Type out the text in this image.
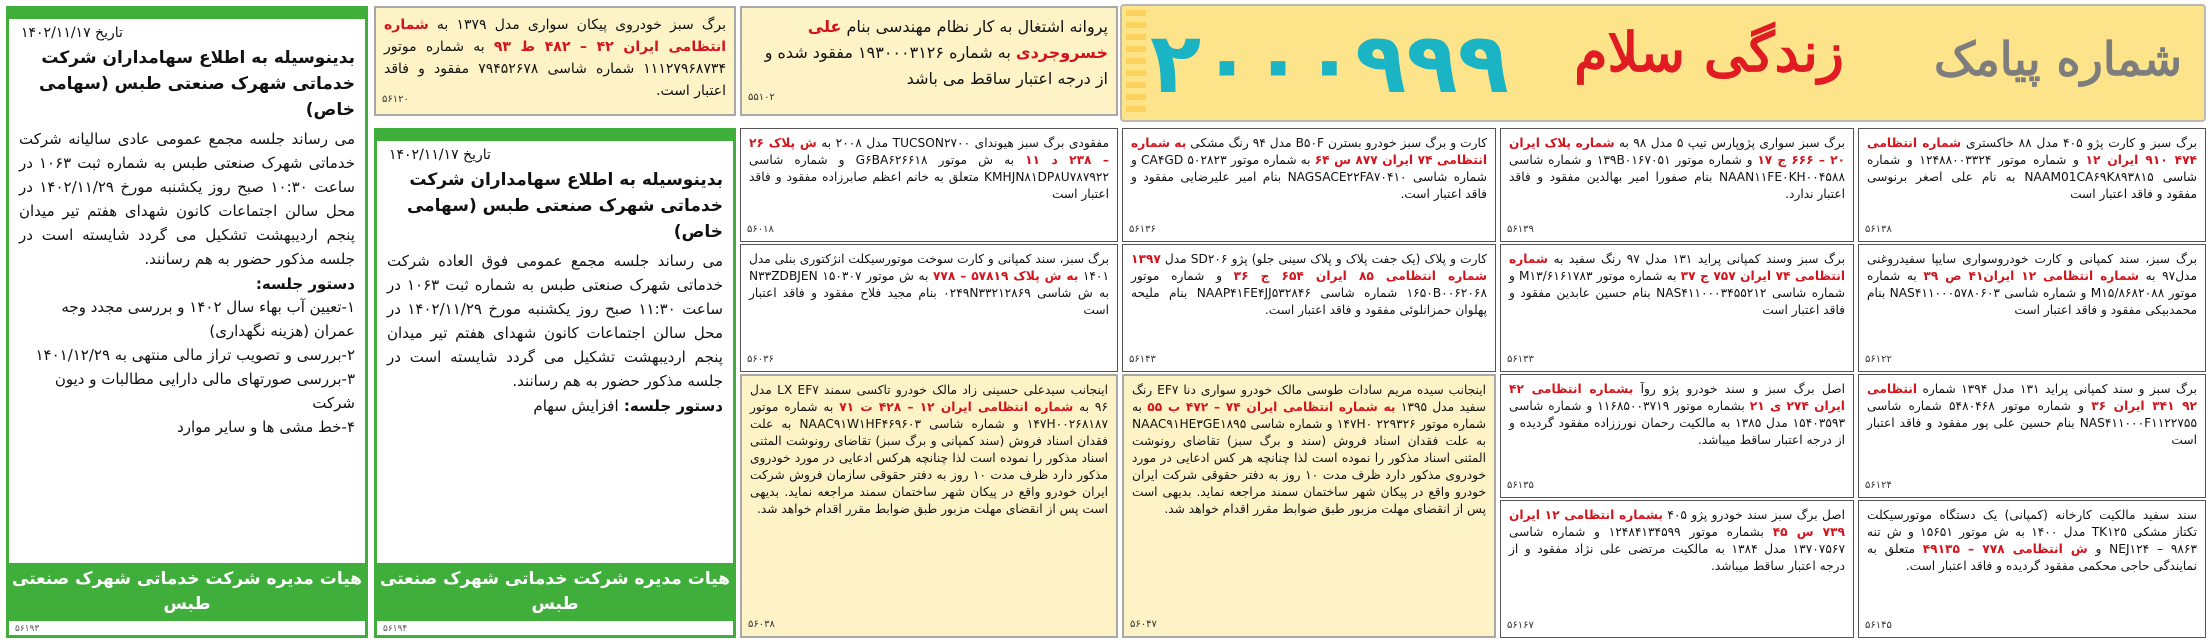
شماره پیامک
زندگی سلام
۲۰۰۰۹۹۹
برگ سبز و کارت پژو ۴۰۵ مدل ۸۸ خاکستری شماره انتظامی ۴۷۴ ۹۱۰ ایران ۱۲ و شماره موتور ۱۲۴۸۸۰۰۳۳۲۴ و شماره شاسی NAAM01CA۶۹K۸۹۳۸۱۵ به نام علی اصغر برنوسی مفقود و فاقد اعتبار است
۵۶۱۳۸
برگ سبز، سند کمپانی و کارت خودروسواری سایپا سفیدروغنی مدل۹۷ به شماره انتظامی ۱۲ ایران۴۱ ص ۳۹ به شماره موتور M۱۵/۸۶۸۲۰۸۸ و شماره شاسی NAS۴۱۱۰۰۰۵۷۸۰۶۰۳ بنام محمدبیکی مفقود و فاقد اعتبار است
۵۶۱۲۲
برگ سبز و سند کمپانی پراید ۱۳۱ مدل ۱۳۹۴ شماره انتظامی ۹۲ ۳۴۱ ایران ۳۶ و شماره موتور ۵۴۸۰۴۶۸ شماره شاسی NAS۴۱۱۰۰۰F۱۱۲۲۷۵۵ بنام حسین علی پور مفقود و فاقد اعتبار است
۵۶۱۲۴
سند سفید مالکیت کارخانه (کمپانی) یک دستگاه موتورسیکلت تکتاز مشکی TK۱۲۵ مدل ۱۴۰۰ به ش موتور ۱۵۶۵۱ و ش تنه ۹۸۶۳ – NEJ۱۲۴ و ش انتظامی ۷۷۸ – ۴۹۱۳۵ متعلق به نمایندگی حاجی محکمی مفقود گردیده و فاقد اعتبار است.
۵۶۱۴۵
برگ سبز سواری پژوپارس تیپ ۵ مدل ۹۸ به شماره پلاک ایران ۲۰ – ۶۶۶ ج ۱۷ و شماره موتور ۱۳۹B۰۱۶۷۰۵۱ و شماره شاسی NAAN۱۱FE۰KH۰۰۴۵۸۸ بنام صفورا امیر بهالدین مفقود و فاقد اعتبار ندارد.
۵۶۱۳۹
برگ سبز وسند کمپانی پراید ۱۳۱ مدل ۹۷ رنگ سفید به شماره انتظامی ۷۴ ایران ۷۵۷ ج ۳۷ به شماره موتور M۱۳/۶۱۶۱۷۸۳ و شماره شاسی NAS۴۱۱۰۰۰۳۴۵۵۲۱۲ بنام حسین عابدین مفقود و فاقد اعتبار است
۵۶۱۳۳
اصل برگ سبز و سند خودرو پژو روآ بشماره انتظامی ۴۲ ایران ۲۷۴ ی ۲۱ بشماره موتور ۱۱۶۸۵۰۰۳۷۱۹ و شماره شاسی ۱۵۴۰۳۵۹۳ مدل ۱۳۸۵ به مالکیت رحمان نورززاده مفقود گردیده و از درجه اعتبار ساقط میباشد.
۵۶۱۳۵
اصل برگ سبز سند خودرو پژو ۴۰۵ بشماره انتظامی ۱۲ ایران ۷۳۹ س ۴۵ بشماره موتور ۱۲۴۸۴۱۳۴۵۹۹ و شماره شاسی ۱۳۷۰۷۵۶۷ مدل ۱۳۸۴ به مالکیت مرتضی علی نژاد مفقود و از درجه اعتبار ساقط میباشد.
۵۶۱۶۷
کارت و برگ سبز خودرو بسترن B۵۰F مدل ۹۴ رنگ مشکی به شماره انتظامی ۷۴ ایران ۸۷۷ س ۶۴ به شماره موتور ۵۰۲۸۲۳ CA۴GD و شماره شاسی NAGSACE۲۲FA۷۰۴۱۰ بنام امیر علیرضایی مفقود و فاقد اعتبار است.
۵۶۱۳۶
کارت و پلاک (یک جفت پلاک و پلاک سینی جلو) پژو SD۲۰۶ مدل ۱۳۹۷ شماره انتظامی ۸۵ ایران ۶۵۴ ج ۳۶ و شماره موتور ۱۶۵۰B۰۰۶۲۰۶۸ شماره شاسی NAAP۴۱FE۴JJ۵۳۲۸۴۶ بنام ملیحه پهلوان حمزانلوئی مفقود و فاقد اعتبار است.
۵۶۱۴۳
اینجانب سیده مریم سادات طوسی مالک خودرو سواری دنا EF۷ رنگ سفید مدل ۱۳۹۵ به شماره انتظامی ایران ۷۴ – ۴۷۲ ب ۵۵ به شماره موتور ۲۲۹۳۲۶ ۱۴۷H۰ و شماره شاسی NAAC۹۱HE۳GE۱۸۹۵ به علت فقدان اسناد فروش (سند و برگ سبز) تقاضای رونوشت المثنی اسناد مذکور را نموده است لذا چنانچه هر کس ادعایی در مورد خودروی مذکور دارد ظرف مدت ۱۰ روز به دفتر حقوقی شرکت ایران خودرو واقع در پیکان شهر ساختمان سمند مراجعه نماید. بدیهی است پس از انقضای مهلت مزبور طبق ضوابط مقرر اقدام خواهد شد.
۵۶۰۴۷
پروانه اشتغال به کار نظام مهندسی بنام علی خسروجردی به شماره ۱۹۳۰۰۰۳۱۲۶ مفقود شده و از درجه اعتبار ساقط می باشد
۵۵۱۰۲
مفقودی برگ سبز هیوندای TUCSON۲۷۰۰ مدل ۲۰۰۸ به ش پلاک ۲۶ – ۲۳۸ د ۱۱ به ش موتور G۶BA۶۲۶۶۱۸ و شماره شاسی KMHJN۸۱DP۸U۷۸۷۹۲۲ متعلق به خانم اعظم صابرزاده مفقود و فاقد اعتبار است
۵۶۰۱۸
برگ سبز، سند کمپانی و کارت سوخت موتورسیکلت انژکتوری بنلی مدل ۱۴۰۱ به ش پلاک ۵۷۸۱۹ – ۷۷۸ به ش موتور ۱۵۰۳۰۷ N۳۳ZDBJEN به ش شاسی ۰۲۴۹N۳۳۲۱۲۸۶۹ بنام مجید فلاح مفقود و فاقد اعتبار است
۵۶۰۳۶
اینجانب سیدعلی حسینی زاد مالک خودرو تاکسی سمند LX EF۷ مدل ۹۶ به شماره انتظامی ایران ۱۲ – ۴۲۸ ت ۷۱ به شماره موتور ۱۴۷H۰۰۲۶۸۱۸۷ و شماره شاسی NAAC۹۱W۱HF۴۶۹۶۰۳ به علت فقدان اسناد فروش (سند کمپانی و برگ سبز) تقاضای رونوشت المثنی اسناد مذکور را نموده است لذا چنانچه هرکس ادعایی در مورد خودروی مذکور دارد ظرف مدت ۱۰ روز به دفتر حقوقی سازمان فروش شرکت ایران خودرو واقع در پیکان شهر ساختمان سمند مراجعه نماید. بدیهی است پس از انقضای مهلت مزبور طبق ضوابط مقرر اقدام خواهد شد.
۵۶۰۳۸
برگ سبز خودروی پیکان سواری مدل ۱۳۷۹ به شماره انتظامی ایران ۴۲ – ۴۸۲ ط ۹۳ به شماره موتور ۱۱۱۲۷۹۶۸۷۳۴ شماره شاسی ۷۹۴۵۲۶۷۸ مفقود و فاقد اعتبار است.
۵۶۱۲۰
تاریخ ۱۴۰۲/۱۱/۱۷
بدینوسیله به اطلاع سهامداران شرکت خدماتی شهرک صنعتی طبس (سهامی خاص)
می رساند جلسه مجمع عمومی فوق العاده شرکت خدماتی شهرک صنعتی طبس به شماره ثبت ۱۰۶۳ در ساعت ۱۱:۳۰ صبح روز یکشنبه مورخ ۱۴۰۲/۱۱/۲۹ در محل سالن اجتماعات کانون شهدای هفتم تیر میدان پنجم اردیبهشت تشکیل می گردد شایسته است در جلسه مذکور حضور به هم رسانند.
دستور جلسه: افزایش سهام
هیات مدیره شرکت خدماتی شهرک صنعتی طبس
۵۶۱۹۴
تاریخ ۱۴۰۲/۱۱/۱۷
بدینوسیله به اطلاع سهامداران شرکت خدماتی شهرک صنعتی طبس (سهامی خاص)
می رساند جلسه مجمع عمومی عادی سالیانه شرکت خدماتی شهرک صنعتی طبس به شماره ثبت ۱۰۶۳ در ساعت ۱۰:۳۰ صبح روز یکشنبه مورخ ۱۴۰۲/۱۱/۲۹ در محل سالن اجتماعات کانون شهدای هفتم تیر میدان پنجم اردیبهشت تشکیل می گردد شایسته است در جلسه مذکور حضور به هم رسانند.
دستور جلسه:
۱-تعیین آب بهاء سال ۱۴۰۲ و بررسی مجدد وجه عمران (هزینه نگهداری)
۲-بررسی و تصویب تراز مالی منتهی به ۱۴۰۱/۱۲/۲۹
۳-بررسی صورتهای مالی دارایی مطالبات و دیون شرکت
۴-خط مشی ها و سایر موارد
هیات مدیره شرکت خدماتی شهرک صنعتی طبس
۵۶۱۹۳
